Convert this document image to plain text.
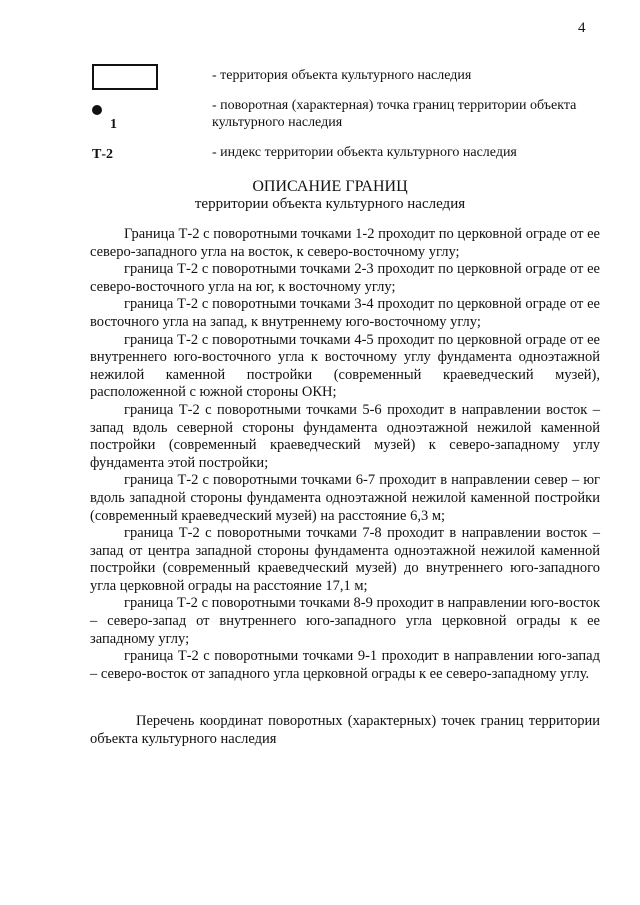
4
- территория объекта культурного наследия
1
- поворотная (характерная) точка границ территории объекта культурного наследия
Т-2	- индекс территории объекта культурного наследия
ОПИСАНИЕ ГРАНИЦ
территории объекта культурного наследия

Граница Т-2 с поворотными точками 1-2 проходит по церковной ограде от ее северо-западного угла на восток, к северо-восточному углу;

граница Т-2 с поворотными точками 2-3 проходит по церковной ограде от ее северо-восточного угла на юг, к восточному углу;

граница Т-2 с поворотными точками 3-4 проходит по церковной ограде от ее восточного угла на запад, к внутреннему юго-восточному углу;

граница Т-2 с поворотными точками 4-5 проходит по церковной ограде от ее внутреннего юго-восточного угла к восточному углу фундамента одноэтажной нежилой каменной постройки (современный краеведческий музей), расположенной с южной стороны ОКН;

граница Т-2 с поворотными точками 5-6 проходит в направлении восток – запад вдоль северной стороны фундамента одноэтажной нежилой каменной постройки (современный краеведческий музей) к северо-западному углу фундамента этой постройки;

граница Т-2 с поворотными точками 6-7 проходит в направлении север – юг вдоль западной стороны фундамента одноэтажной нежилой каменной постройки (современный краеведческий музей) на расстояние 6,3 м;

граница Т-2 с поворотными точками 7-8 проходит в направлении восток – запад от центра западной стороны фундамента одноэтажной нежилой каменной постройки (современный краеведческий музей) до внутреннего юго-западного угла церковной ограды на расстояние 17,1 м;

граница Т-2 с поворотными точками 8-9 проходит в направлении юго-восток – северо-запад от внутреннего юго-западного угла церковной ограды к ее западному углу;

граница Т-2 с поворотными точками 9-1 проходит в направлении юго-запад – северо-восток от западного угла церковной ограды к ее северо-западному углу.

Перечень координат поворотных (характерных) точек границ территории объекта культурного наследия
